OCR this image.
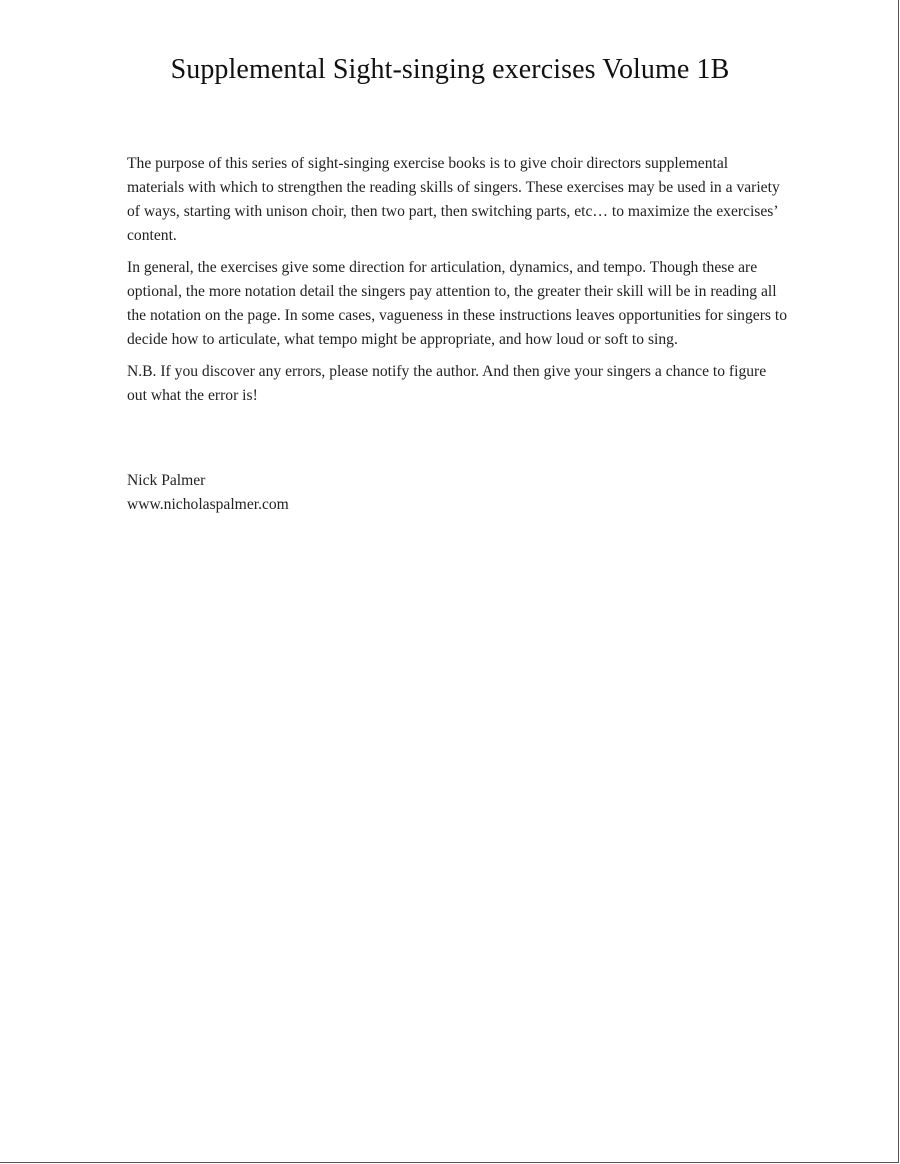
Supplemental Sight-singing exercises Volume 1B

The purpose of this series of sight-singing exercise books is to give choir directors supplemental materials with which to strengthen the reading skills of singers. These exercises may be used in a variety of ways, starting with unison choir, then two part, then switching parts, etc… to maximize the exercises’ content.

In general, the exercises give some direction for articulation, dynamics, and tempo. Though these are optional, the more notation detail the singers pay attention to, the greater their skill will be in reading all the notation on the page. In some cases, vagueness in these instructions leaves opportunities for singers to decide how to articulate, what tempo might be appropriate, and how loud or soft to sing.

N.B. If you discover any errors, please notify the author. And then give your singers a chance to figure out what the error is!

Nick Palmer
www.nicholaspalmer.com
